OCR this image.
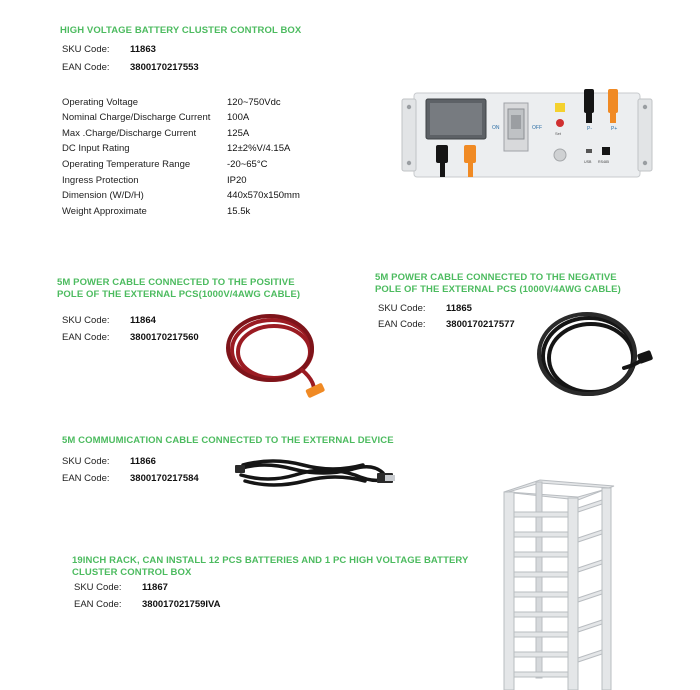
HIGH VOLTAGE BATTERY CLUSTER CONTROL BOX
SKU Code: 11863
EAN Code: 3800170217553
Operating Voltage	120~750Vdc
Nominal Charge/Discharge Current 100A
Max .Charge/Discharge Current	125A
DC Input Rating	12±2%V/4.15A
Operating Temperature Range	-20~65°C
Ingress Protection	IP20
Dimension (W/D/H)	440x570x150mm
Weight Approximate	15.5k
ON	OFF
Set
P-	P+
USB RS485
5M POWER CABLE CONNECTED TO THE POSITIVE
POLE OF THE EXTERNAL PCS(1000V/4AWG CABLE)
SKU Code: 11864
EAN Code: 3800170217560
5M POWER CABLE CONNECTED TO THE NEGATIVE
POLE OF THE EXTERNAL PCS (1000V/4AWG CABLE)
SKU Code: 11865
EAN Code: 3800170217577
5M COMMUMICATION CABLE CONNECTED TO THE EXTERNAL DEVICE
SKU Code: 11866
EAN Code: 3800170217584
19INCH RACK, CAN INSTALL 12 PCS BATTERIES AND 1 PC HIGH VOLTAGE BATTERY
CLUSTER CONTROL BOX
SKU Code: 11867
EAN Code: 380017021759IVA
